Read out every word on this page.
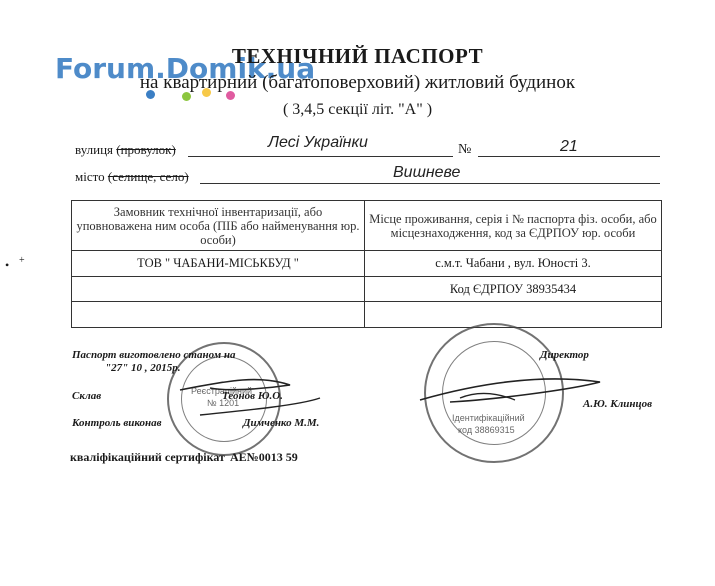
Forum.Domik.ua
ТЕХНІЧНИЙ ПАСПОРТ
на квартирний (багатоповерховий) житловий будинок
( 3,4,5 секції літ. "А" )
вулиця (провулок)	Лесі Українки	№	21
місто (селище, село)	Вишневе
• +
Замовник технічної інвентаризації, або уповноважена ним особа (ПІБ або найменування юр. особи)	Місце проживання, серія і № паспорта фіз. особи, або місцезнаходження, код за ЄДРПОУ юр. особи
ТОВ " ЧАБАНИ-МІСЬКБУД "	с.м.т. Чабани , вул. Юності 3.
	Код ЄДРПОУ 38935434

Реєстраційний
№ 1201
Ідентифікаційний
код 38869315
Паспорт виготовлено станом на
"27" 10 , 2015р.
Директор
Склав	Теонов Ю.О.
А.Ю. Клинцов
Контроль виконав	Димченко М.М.
кваліфікаційний сертифікат АЕ№0013 59
